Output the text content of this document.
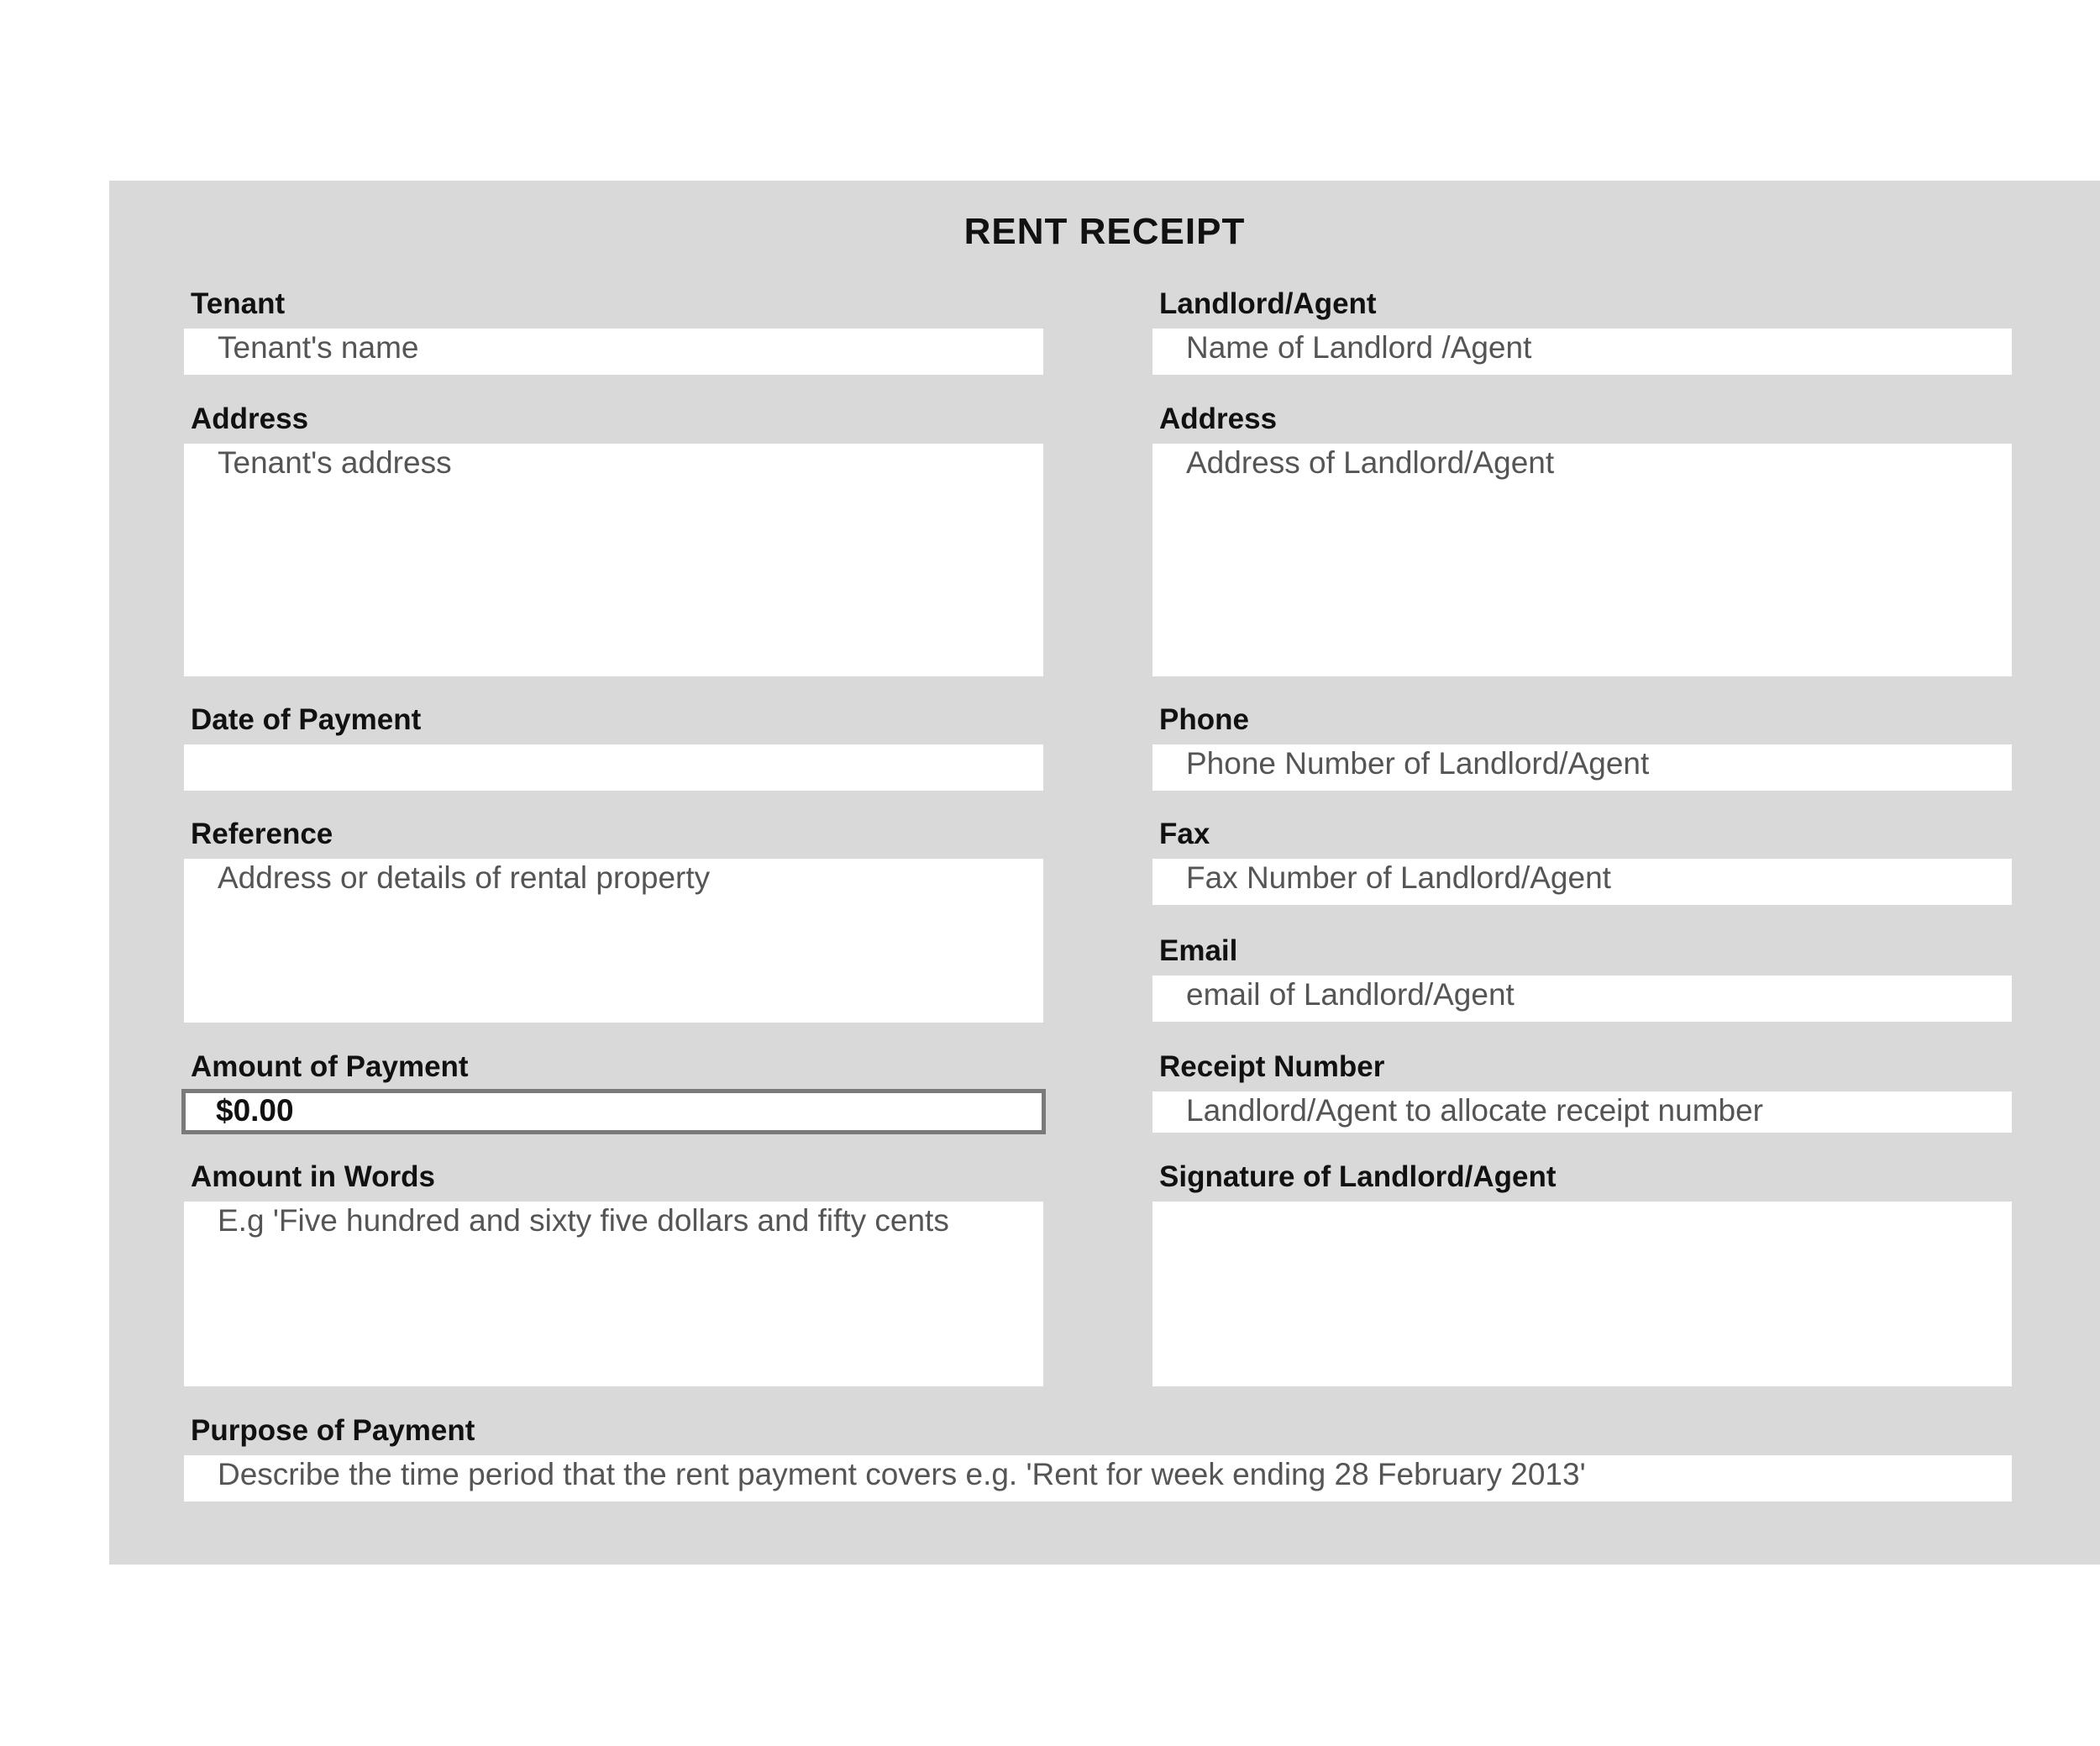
RENT RECEIPT
Tenant
Tenant's name
Address
Tenant's address
Date of Payment
Reference
Address or details of rental property
Amount of Payment
$0.00
Amount in Words
E.g 'Five hundred and sixty five dollars and fifty cents
Landlord/Agent
Name of Landlord /Agent
Address
Address of Landlord/Agent
Phone
Phone Number of Landlord/Agent
Fax
Fax Number of Landlord/Agent
Email
email of Landlord/Agent
Receipt Number
Landlord/Agent to allocate receipt number
Signature of Landlord/Agent
Purpose of Payment
Describe the time period that the rent payment covers e.g. 'Rent for week ending 28 February 2013'
